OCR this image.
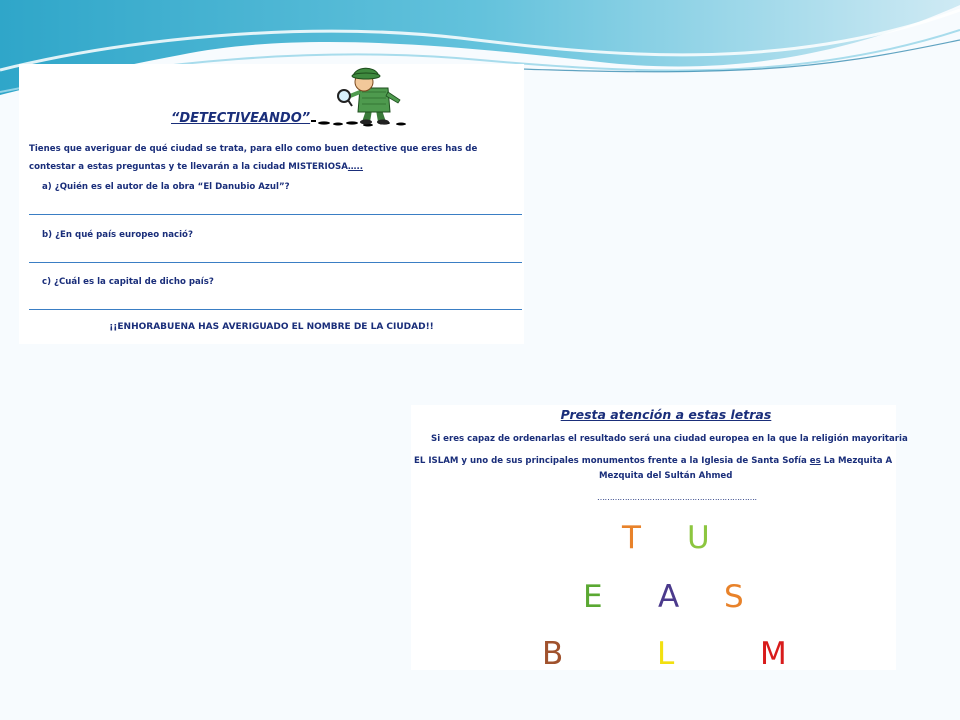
“DETECTIVEANDO”
Tienes que averiguar de qué ciudad se trata, para ello como buen detective que eres has de contestar a estas preguntas y te llevarán a la ciudad MISTERIOSA…..
a) ¿Quién es el autor de la obra “El Danubio Azul”?
b) ¿En qué país europeo nació?
c) ¿Cuál es la capital de dicho país?
¡¡ENHORABUENA HAS AVERIGUADO EL NOMBRE DE LA CIUDAD!!
Presta atención a estas letras
Si eres capaz de ordenarlas el resultado será una ciudad europea en la que la religión mayoritaria
EL ISLAM y uno de sus principales monumentos frente a la Iglesia de Santa Sofía es La Mezquita A
Mezquita del Sultán Ahmed
……………………………………………………….
T U
E A S
B	L	M
